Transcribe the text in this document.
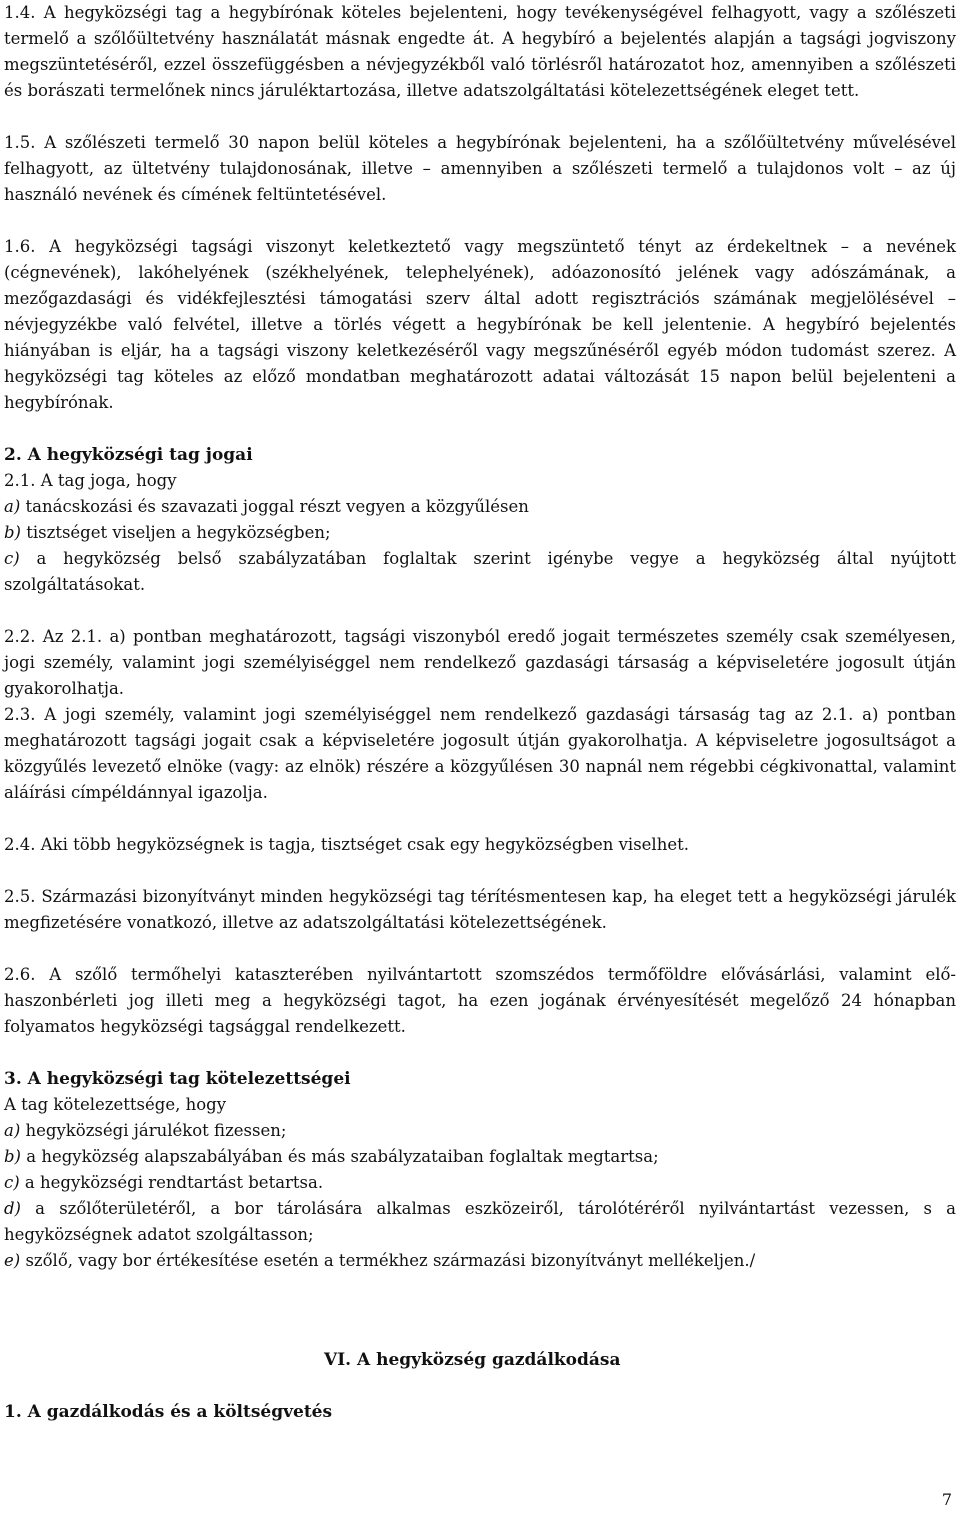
1.4. A hegyközségi tag a hegybírónak köteles bejelenteni, hogy tevékenységével felhagyott, vagy a szőlészeti termelő a szőlőültetvény használatát másnak engedte át. A hegybíró a bejelentés alapján a tagsági jogviszony megszüntetéséről, ezzel összefüggésben a névjegyzékből való törlésről határozatot hoz, amennyiben a szőlészeti és borászati termelőnek nincs járuléktartozása, illetve adatszolgáltatási kötelezettségének eleget tett.

1.5. A szőlészeti termelő 30 napon belül köteles a hegybírónak bejelenteni, ha a szőlőültetvény művelésével felhagyott, az ültetvény tulajdonosának, illetve – amennyiben a szőlészeti termelő a tulajdonos volt – az új használó nevének és címének feltüntetésével.

1.6. A hegyközségi tagsági viszonyt keletkeztető vagy megszüntető tényt az érdekeltnek – a nevének (cégnevének), lakóhelyének (székhelyének, telephelyének), adóazonosító jelének vagy adószámának, a mezőgazdasági és vidékfejlesztési támogatási szerv által adott regisztrációs számának megjelölésével – névjegyzékbe való felvétel, illetve a törlés végett a hegybírónak be kell jelentenie. A hegybíró bejelentés hiányában is eljár, ha a tagsági viszony keletkezéséről vagy megszűnéséről egyéb módon tudomást szerez. A hegyközségi tag köteles az előző mondatban meghatározott adatai változását 15 napon belül bejelenteni a hegybírónak.

2. A hegyközségi tag jogai

2.1. A tag joga, hogy

a) tanácskozási és szavazati joggal részt vegyen a közgyűlésen

b) tisztséget viseljen a hegyközségben;

c) a hegyközség belső szabályzatában foglaltak szerint igénybe vegye a hegyközség által nyújtott szolgáltatásokat.

2.2. Az 2.1. a) pontban meghatározott, tagsági viszonyból eredő jogait természetes személy csak személyesen, jogi személy, valamint jogi személyiséggel nem rendelkező gazdasági társaság a képviseletére jogosult útján gyakorolhatja.

2.3. A jogi személy, valamint jogi személyiséggel nem rendelkező gazdasági társaság tag az 2.1. a) pontban meghatározott tagsági jogait csak a képviseletére jogosult útján gyakorolhatja. A képviseletre jogosultságot a közgyűlés levezető elnöke (vagy: az elnök) részére a közgyűlésen 30 napnál nem régebbi cégkivonattal, valamint aláírási címpéldánnyal igazolja.

2.4. Aki több hegyközségnek is tagja, tisztséget csak egy hegyközségben viselhet.

2.5. Származási bizonyítványt minden hegyközségi tag térítésmentesen kap, ha eleget tett a hegyközségi járulék megfizetésére vonatkozó, illetve az adatszolgáltatási kötelezettségének.

2.6. A szőlő termőhelyi kataszterében nyilvántartott szomszédos termőföldre elővásárlási, valamint elő-haszonbérleti jog illeti meg a hegyközségi tagot, ha ezen jogának érvényesítését megelőző 24 hónapban folyamatos hegyközségi tagsággal rendelkezett.

3. A hegyközségi tag kötelezettségei

A tag kötelezettsége, hogy

a) hegyközségi járulékot fizessen;

b) a hegyközség alapszabályában és más szabályzataiban foglaltak megtartsa;

c) a hegyközségi rendtartást betartsa.

d) a szőlőterületéről, a bor tárolására alkalmas eszközeiről, tárolótéréről nyilvántartást vezessen, s a hegyközségnek adatot szolgáltasson;

e) szőlő, vagy bor értékesítése esetén a termékhez származási bizonyítványt mellékeljen./

VI. A hegyközség gazdálkodása
1. A gazdálkodás és a költségvetés
7
